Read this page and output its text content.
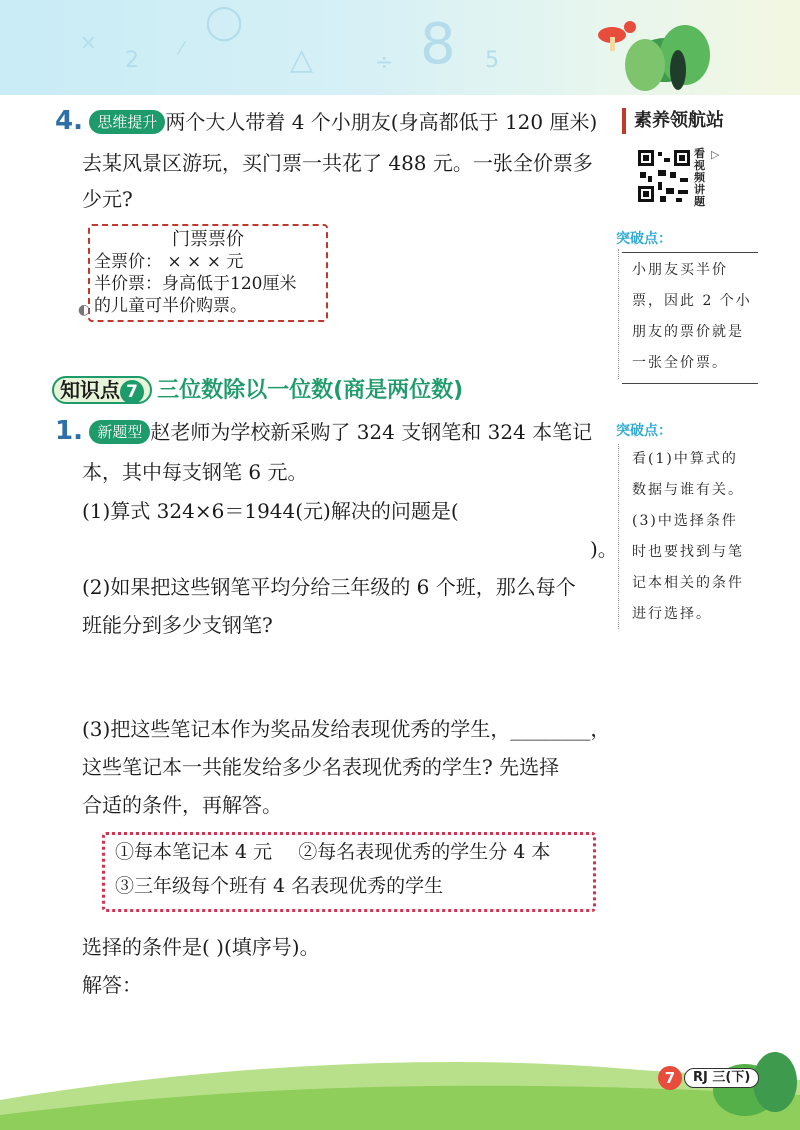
◯
×
2 ⁄	△	÷ 8 5
4. 思维提升 两个大人带着 4 个小朋友(身高都低于 120 厘米)
去某风景区游玩，买门票一共花了 488 元。一张全价票多
少元?
门票票价
全票价： × × × 元
半价票：身高低于120厘米
的儿童可半价购票。
◐
素养领航站
看
视
频
讲
题
▷
突破点：
小朋友买半价
票，因此 2 个小
朋友的票价就是
一张全价票。
知识点 7 三位数除以一位数(商是两位数)
1. 新题型 赵老师为学校新采购了 324 支钢笔和 324 本笔记
本，其中每支钢笔 6 元。
(1)算式 324×6＝1944(元)解决的问题是(
)。
(2)如果把这些钢笔平均分给三年级的 6 个班，那么每个
班能分到多少支钢笔?
(3)把这些笔记本作为奖品发给表现优秀的学生，________，
这些笔记本一共能发给多少名表现优秀的学生? 先选择
合适的条件，再解答。
①每本笔记本 4 元 ②每名表现优秀的学生分 4 本
③三年级每个班有 4 名表现优秀的学生
选择的条件是( )(填序号)。
解答：
突破点：
看(1)中算式的
数据与谁有关。
(3)中选择条件
时也要找到与笔
记本相关的条件
进行选择。
7	RJ 三(下)
